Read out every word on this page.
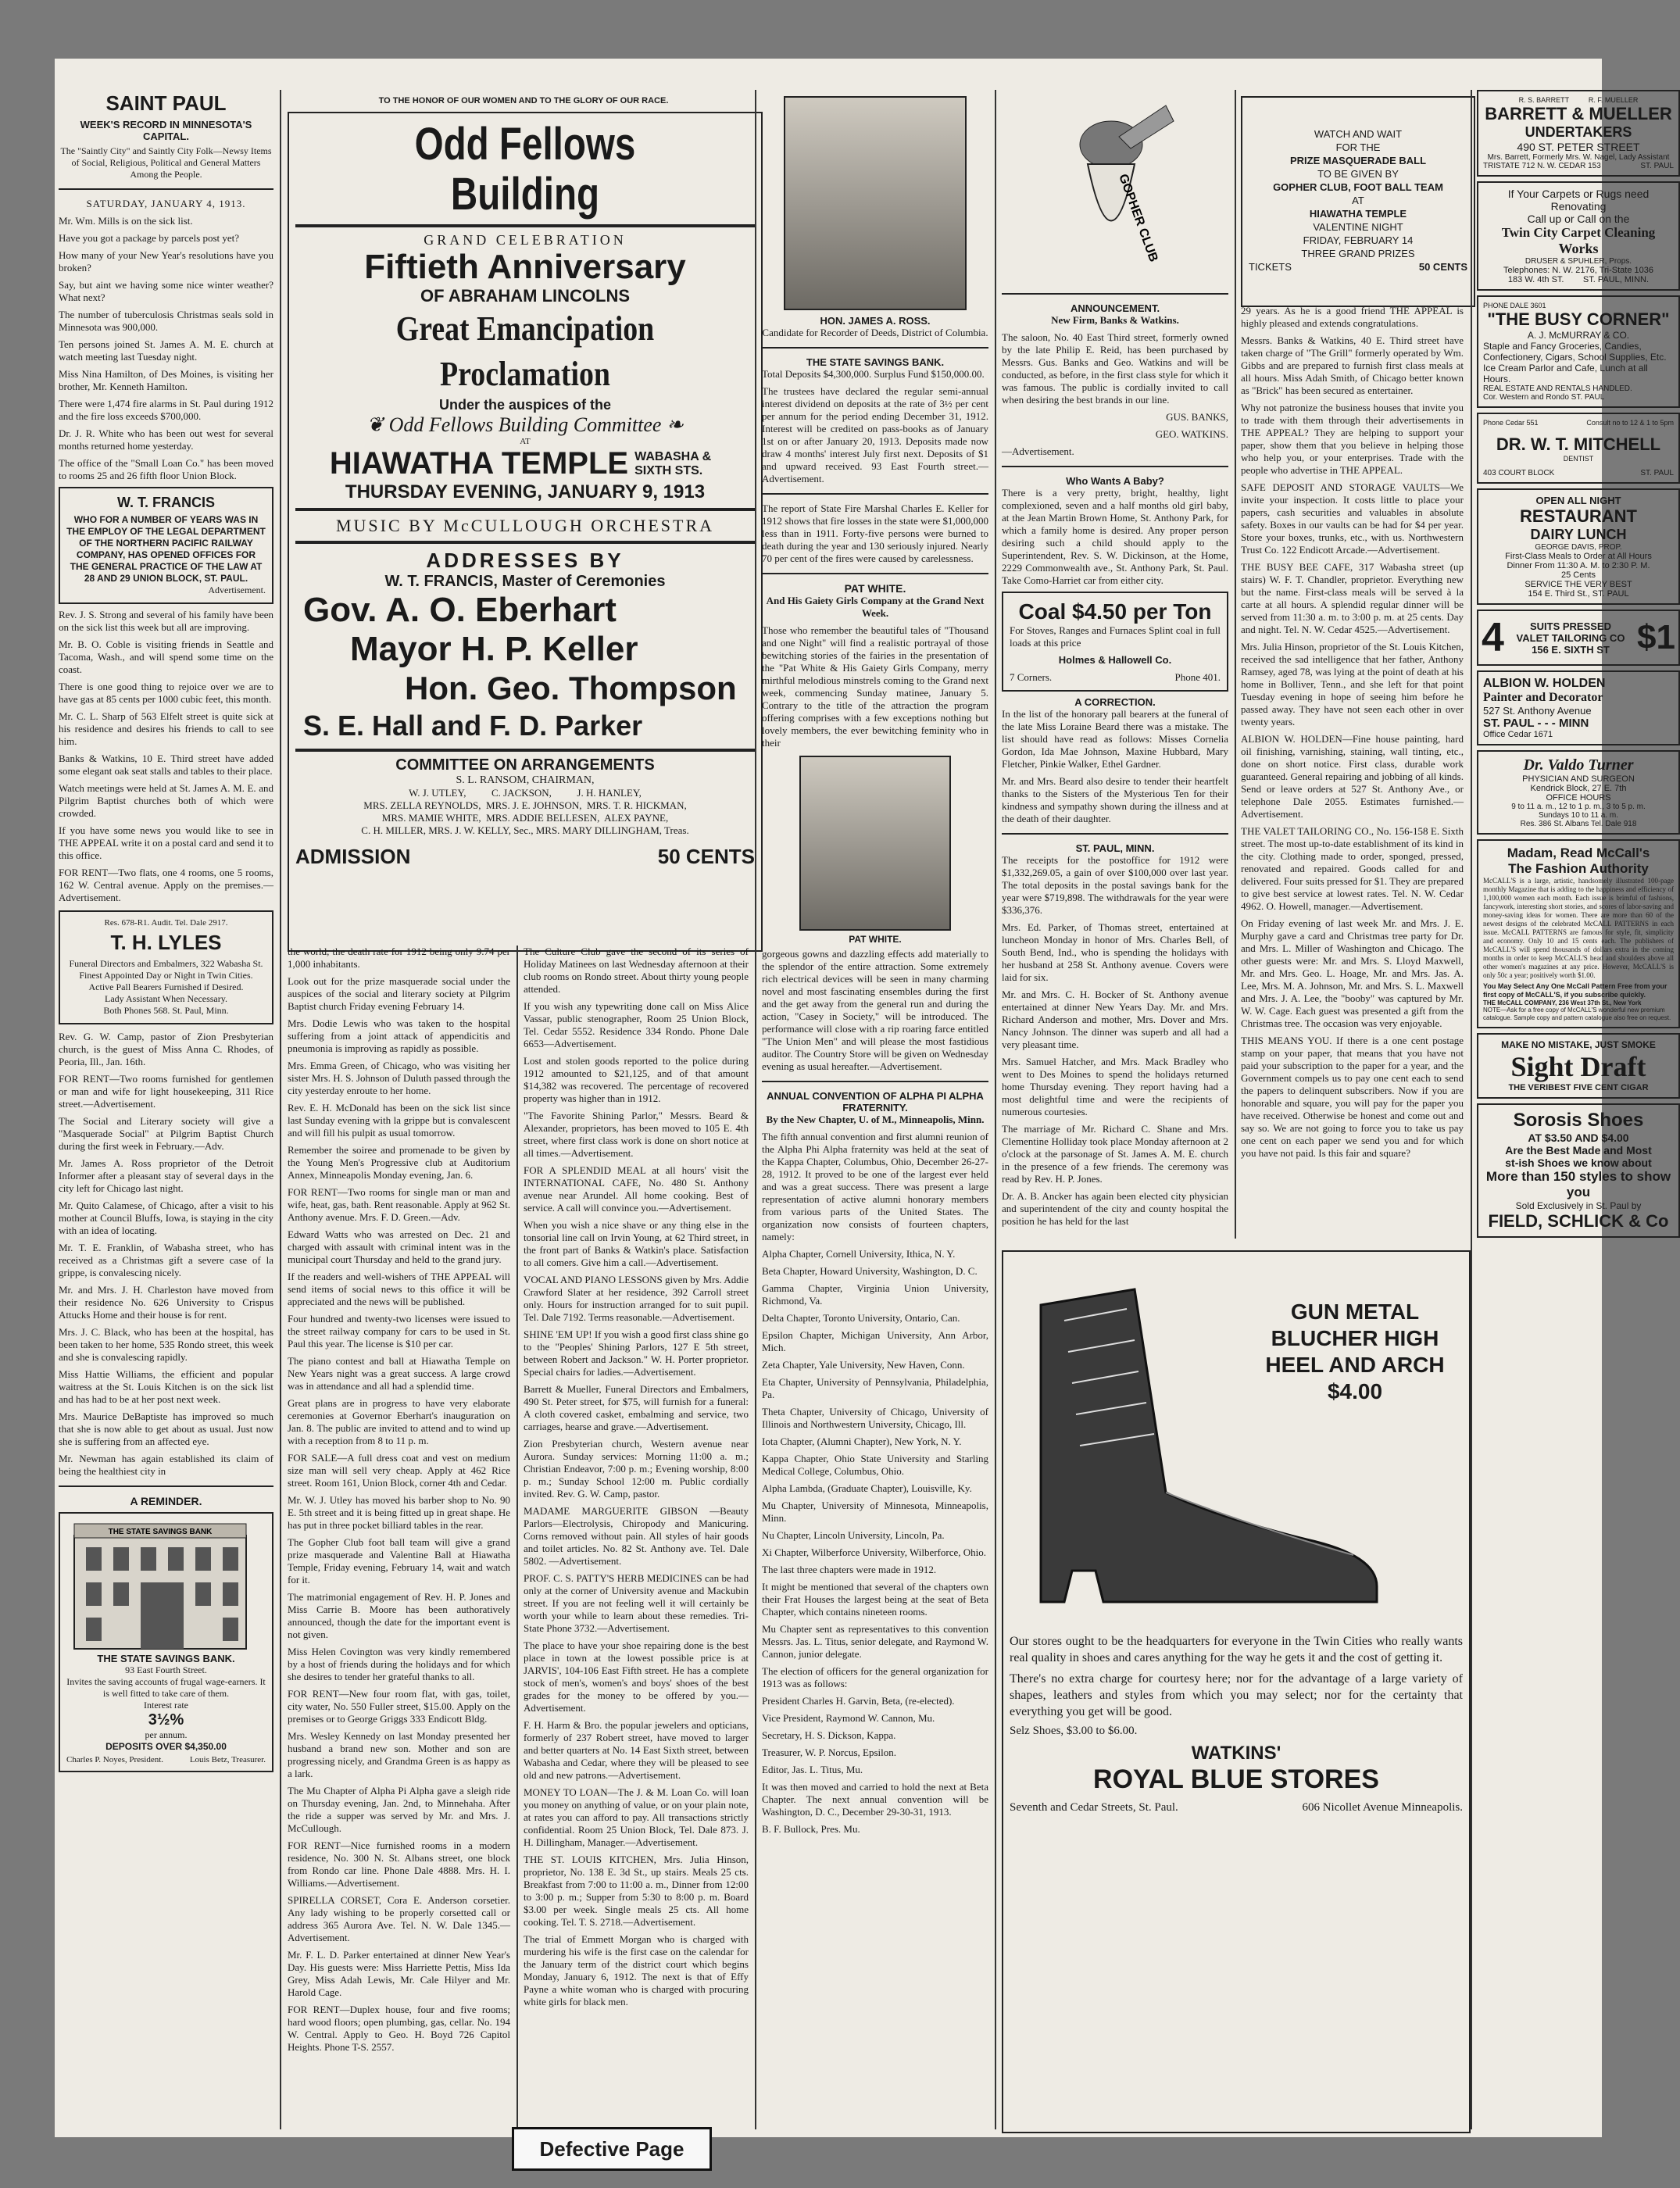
SAINT PAUL
WEEK'S RECORD IN MINNESOTA'S CAPITAL.

The "Saintly City" and Saintly City Folk—Newsy Items of Social, Religious, Political and General Matters Among the People.

SATURDAY, JANUARY 4, 1913.

Mr. Wm. Mills is on the sick list.

Have you got a package by parcels post yet?

How many of your New Year's resolutions have you broken?

Say, but aint we having some nice winter weather? What next?

The number of tuberculosis Christmas seals sold in Minnesota was 900,000.

Ten persons joined St. James A. M. E. church at watch meeting last Tuesday night.

Miss Nina Hamilton, of Des Moines, is visiting her brother, Mr. Kenneth Hamilton.

There were 1,474 fire alarms in St. Paul during 1912 and the fire loss exceeds $700,000.

Dr. J. R. White who has been out west for several months returned home yesterday.

The office of the "Small Loan Co." has been moved to rooms 25 and 26 fifth floor Union Block.

W. T. FRANCIS
WHO FOR A NUMBER OF YEARS WAS IN THE EMPLOY OF THE LEGAL DEPARTMENT OF THE NORTHERN PACIFIC RAILWAY COMPANY, HAS OPENED OFFICES FOR THE GENERAL PRACTICE OF THE LAW AT 28 AND 29 UNION BLOCK, ST. PAUL.
Advertisement.

Rev. J. S. Strong and several of his family have been on the sick list this week but all are improving.

Mr. B. O. Coble is visiting friends in Seattle and Tacoma, Wash., and will spend some time on the coast.

There is one good thing to rejoice over we are to have gas at 85 cents per 1000 cubic feet, this month.

Mr. C. L. Sharp of 563 Elfelt street is quite sick at his residence and desires his friends to call to see him.

Banks & Watkins, 10 E. Third street have added some elegant oak seat stalls and tables to their place.

Watch meetings were held at St. James A. M. E. and Pilgrim Baptist churches both of which were crowded.

If you have some news you would like to see in THE APPEAL write it on a postal card and send it to this office.

FOR RENT—Two flats, one 4 rooms, one 5 rooms, 162 W. Central avenue. Apply on the premises.—Advertisement.

Res. 678-R1. Audit. Tel. Dale 2917.
T. H. LYLES
Funeral Directors and Embalmers, 322 Wabasha St.
Finest Appointed Day or Night in Twin Cities.
Active Pall Bearers Furnished if Desired.
Lady Assistant When Necessary.
Both Phones 568. St. Paul, Minn.

Rev. G. W. Camp, pastor of Zion Presbyterian church, is the guest of Miss Anna C. Rhodes, of Peoria, Ill., Jan. 16th.

FOR RENT—Two rooms furnished for gentlemen or man and wife for light housekeeping, 311 Rice street.—Advertisement.

The Social and Literary society will give a "Masquerade Social" at Pilgrim Baptist Church during the first week in February.—Adv.

Mr. James A. Ross proprietor of the Detroit Informer after a pleasant stay of several days in the city left for Chicago last night.

Mr. Quito Calamese, of Chicago, after a visit to his mother at Council Bluffs, Iowa, is staying in the city with an idea of locating.

Mr. T. E. Franklin, of Wabasha street, who has received as a Christmas gift a severe case of la grippe, is convalescing nicely.

Mr. and Mrs. J. H. Charleston have moved from their residence No. 626 University to Crispus Attucks Home and their house is for rent.

Mrs. J. C. Black, who has been at the hospital, has been taken to her home, 535 Rondo street, this week and she is convalescing rapidly.

Miss Hattie Williams, the efficient and popular waitress at the St. Louis Kitchen is on the sick list and has had to be at her post next week.

Mrs. Maurice DeBaptiste has improved so much that she is now able to get about as usual. Just now she is suffering from an affected eye.

Mr. Newman has again established its claim of being the healthiest city in

A REMINDER.
THE STATE SAVINGS BANK
THE STATE SAVINGS BANK.
93 East Fourth Street.
Invites the saving accounts of frugal wage-earners. It is well fitted to take care of them.
Interest rate
3½%
per annum.
DEPOSITS OVER $4,350.00
Charles P. Noyes, President.	Louis Betz, Treasurer.
TO THE HONOR OF OUR WOMEN AND TO THE GLORY OF OUR RACE.
Odd Fellows Building
GRAND CELEBRATION
Fiftieth Anniversary
OF ABRAHAM LINCOLNS
Great Emancipation Proclamation
Under the auspices of the
❦ Odd Fellows Building Committee ❧
AT
HIAWATHA TEMPLE WABASHA & SIXTH STS.
THURSDAY EVENING, JANUARY 9, 1913
MUSIC BY McCULLOUGH ORCHESTRA
ADDRESSES BY
W. T. FRANCIS, Master of Ceremonies
Gov. A. O. Eberhart
Mayor H. P. Keller
Hon. Geo. Thompson
S. E. Hall and F. D. Parker
COMMITTEE ON ARRANGEMENTS
S. L. RANSOM, CHAIRMAN,
W. J. UTLEY,          C. JACKSON,          J. H. HANLEY,
MRS. ZELLA REYNOLDS,  MRS. J. E. JOHNSON,  MRS. T. R. HICKMAN,
MRS. MAMIE WHITE,  MRS. ADDIE BELLESEN,  ALEX PAYNE,
C. H. MILLER, MRS. J. W. KELLY, Sec., MRS. MARY DILLINGHAM, Treas.
ADMISSION	50 CENTS

the world, the death rate for 1912 being only 9.74 per 1,000 inhabitants.

Look out for the prize masquerade social under the auspices of the social and literary society at Pilgrim Baptist church Friday evening February 14.

Mrs. Dodie Lewis who was taken to the hospital suffering from a joint attack of appendicitis and pneumonia is improving as rapidly as possible.

Mrs. Emma Green, of Chicago, who was visiting her sister Mrs. H. S. Johnson of Duluth passed through the city yesterday enroute to her home.

Rev. E. H. McDonald has been on the sick list since last Sunday evening with la grippe but is convalescent and will fill his pulpit as usual tomorrow.

Remember the soiree and promenade to be given by the Young Men's Progressive club at Auditorium Annex, Minneapolis Monday evening, Jan. 6.

FOR RENT—Two rooms for single man or man and wife, heat, gas, bath. Rent reasonable. Apply at 962 St. Anthony avenue. Mrs. F. D. Green.—Adv.

Edward Watts who was arrested on Dec. 21 and charged with assault with criminal intent was in the municipal court Thursday and held to the grand jury.

If the readers and well-wishers of THE APPEAL will send items of social news to this office it will be appreciated and the news will be published.

Four hundred and twenty-two licenses were issued to the street railway company for cars to be used in St. Paul this year. The license is $10 per car.

The piano contest and ball at Hiawatha Temple on New Years night was a great success. A large crowd was in attendance and all had a splendid time.

Great plans are in progress to have very elaborate ceremonies at Governor Eberhart's inauguration on Jan. 8. The public are invited to attend and to wind up with a reception from 8 to 11 p. m.

FOR SALE—A full dress coat and vest on medium size man will sell very cheap. Apply at 462 Rice street. Room 161, Union Block, corner 4th and Cedar.

Mr. W. J. Utley has moved his barber shop to No. 90 E. 5th street and it is being fitted up in great shape. He has put in three pocket billiard tables in the rear.

The Gopher Club foot ball team will give a grand prize masquerade and Valentine Ball at Hiawatha Temple, Friday evening, February 14, wait and watch for it.

The matrimonial engagement of Rev. H. P. Jones and Miss Carrie B. Moore has been authoratively announced, though the date for the important event is not given.

Miss Helen Covington was very kindly remembered by a host of friends during the holidays and for which she desires to tender her grateful thanks to all.

FOR RENT—New four room flat, with gas, toilet, city water, No. 550 Fuller street, $15.00. Apply on the premises or to George Griggs 333 Endicott Bldg.

Mrs. Wesley Kennedy on last Monday presented her husband a brand new son. Mother and son are progressing nicely, and Grandma Green is as happy as a lark.

The Mu Chapter of Alpha Pi Alpha gave a sleigh ride on Thursday evening, Jan. 2nd, to Minnehaha. After the ride a supper was served by Mr. and Mrs. J. McCullough.

FOR RENT—Nice furnished rooms in a modern residence, No. 300 N. St. Albans street, one block from Rondo car line. Phone Dale 4888. Mrs. H. I. Williams.—Advertisement.

SPIRELLA CORSET, Cora E. Anderson corsetier. Any lady wishing to be properly corsetted call or address 365 Aurora Ave. Tel. N. W. Dale 1345.—Advertisement.

Mr. F. L. D. Parker entertained at dinner New Year's Day. His guests were: Miss Harriette Pettis, Miss Ida Grey, Miss Adah Lewis, Mr. Cale Hilyer and Mr. Harold Cage.

FOR RENT—Duplex house, four and five rooms; hard wood floors; open plumbing, gas, cellar. No. 194 W. Central. Apply to Geo. H. Boyd 726 Capitol Heights. Phone T-S. 2557.

The Culture Club gave the second of its series of Holiday Matinees on last Wednesday afternoon at their club rooms on Rondo street. About thirty young people attended.

If you wish any typewriting done call on Miss Alice Vassar, public stenographer, Room 25 Union Block, Tel. Cedar 5552. Residence 334 Rondo. Phone Dale 6653—Advertisement.

Lost and stolen goods reported to the police during 1912 amounted to $21,125, and of that amount $14,382 was recovered. The percentage of recovered property was higher than in 1912.

"The Favorite Shining Parlor," Messrs. Beard & Alexander, proprietors, has been moved to 105 E. 4th street, where first class work is done on short notice at all times.—Advertisement.

FOR A SPLENDID MEAL at all hours' visit the INTERNATIONAL CAFE, No. 480 St. Anthony avenue near Arundel. All home cooking. Best of service. A call will convince you.—Advertisement.

When you wish a nice shave or any thing else in the tonsorial line call on Irvin Young, at 62 Third street, in the front part of Banks & Watkin's place. Satisfaction to all comers. Give him a call.—Advertisement.

VOCAL AND PIANO LESSONS given by Mrs. Addie Crawford Slater at her residence, 392 Carroll street only. Hours for instruction arranged for to suit pupil. Tel. Dale 7192. Terms reasonable.—Advertisement.

SHINE 'EM UP! If you wish a good first class shine go to the "Peoples' Shining Parlors, 127 E 5th street, between Robert and Jackson." W. H. Porter proprietor. Special chairs for ladies.—Advertisement.

Barrett & Mueller, Funeral Directors and Embalmers, 490 St. Peter street, for $75, will furnish for a funeral: A cloth covered casket, embalming and service, two carriages, hearse and grave.—Advertisement.

Zion Presbyterian church, Western avenue near Aurora. Sunday services: Morning 11:00 a. m.; Christian Endeavor, 7:00 p. m.; Evening worship, 8:00 p. m.; Sunday School 12:00 m. Public cordially invited. Rev. G. W. Camp, pastor.

MADAME MARGUERITE GIBSON —Beauty Parlors—Electrolysis, Chiropody and Manicuring. Corns removed without pain. All styles of hair goods and toilet articles. No. 82 St. Anthony ave. Tel. Dale 5802. —Advertisement.

PROF. C. S. PATTY'S HERB MEDICINES can be had only at the corner of University avenue and Mackubin street. If you are not feeling well it will certainly be worth your while to learn about these remedies. Tri-State Phone 3732.—Advertisement.

The place to have your shoe repairing done is the best place in town at the lowest possible price is at JARVIS', 104-106 East Fifth street. He has a complete stock of men's, women's and boys' shoes of the best grades for the money to be offered by you.—Advertisement.

F. H. Harm & Bro. the popular jewelers and opticians, formerly of 237 Robert street, have moved to larger and better quarters at No. 14 East Sixth street, between Wabasha and Cedar, where they will be pleased to see old and new patrons.—Advertisement.

MONEY TO LOAN—The J. & M. Loan Co. will loan you money on anything of value, or on your plain note, at rates you can afford to pay. All transactions strictly confidential. Room 25 Union Block, Tel. Dale 873. J. H. Dillingham, Manager.—Advertisement.

THE ST. LOUIS KITCHEN, Mrs. Julia Hinson, proprietor, No. 138 E. 3d St., up stairs. Meals 25 cts. Breakfast from 7:00 to 11:00 a. m., Dinner from 12:00 to 3:00 p. m.; Supper from 5:30 to 8:00 p. m. Board $3.00 per week. Single meals 25 cts. All home cooking. Tel. T. S. 2718.—Advertisement.

The trial of Emmett Morgan who is charged with murdering his wife is the first case on the calendar for the January term of the district court which begins Monday, January 6, 1912. The next is that of Effy Payne a white woman who is charged with procuring white girls for black men.

HON. JAMES A. ROSS.

Candidate for Recorder of Deeds, District of Columbia.

THE STATE SAVINGS BANK.

Total Deposits $4,300,000. Surplus Fund $150,000.00.

The trustees have declared the regular semi-annual interest dividend on deposits at the rate of 3½ per cent per annum for the period ending December 31, 1912. Interest will be credited on pass-books as of January 1st on or after January 20, 1913. Deposits made now draw 4 months' interest July first next. Deposits of $1 and upward received. 93 East Fourth street.—Advertisement.

The report of State Fire Marshal Charles E. Keller for 1912 shows that fire losses in the state were $1,000,000 less than in 1911. Forty-five persons were burned to death during the year and 130 seriously injured. Nearly 70 per cent of the fires were caused by carelessness.

PAT WHITE.

And His Gaiety Girls Company at the Grand Next Week.

Those who remember the beautiful tales of "Thousand and one Night" will find a realistic portrayal of those bewitching stories of the fairies in the presentation of the "Pat White & His Gaiety Girls Company, merry mirthful melodious minstrels coming to the Grand next week, commencing Sunday matinee, January 5. Contrary to the title of the attraction the program offering comprises with a few exceptions nothing but lovely members, the ever bewitching feminity who in their

PAT WHITE.

gorgeous gowns and dazzling effects add materially to the splendor of the entire attraction. Some extremely rich electrical devices will be seen in many charming novel and most fascinating ensembles during the first and the get away from the general run and during the action, "Casey in Society," will be introduced. The performance will close with a rip roaring farce entitled "The Union Men" and will please the most fastidious auditor. The Country Store will be given on Wednesday evening as usual hereafter.—Advertisement.

ANNUAL CONVENTION OF ALPHA PI ALPHA FRATERNITY.

By the New Chapter, U. of M., Minneapolis, Minn.

The fifth annual convention and first alumni reunion of the Alpha Phi Alpha fraternity was held at the seat of the Kappa Chapter, Columbus, Ohio, December 26-27-28, 1912. It proved to be one of the largest ever held and was a great success. There was present a large representation of active alumni honorary members from various parts of the United States. The organization now consists of fourteen chapters, namely:

Alpha Chapter, Cornell University, Ithica, N. Y.

Beta Chapter, Howard University, Washington, D. C.

Gamma Chapter, Virginia Union University, Richmond, Va.

Delta Chapter, Toronto University, Ontario, Can.

Epsilon Chapter, Michigan University, Ann Arbor, Mich.

Zeta Chapter, Yale University, New Haven, Conn.

Eta Chapter, University of Pennsylvania, Philadelphia, Pa.

Theta Chapter, University of Chicago, University of Illinois and Northwestern University, Chicago, Ill.

Iota Chapter, (Alumni Chapter), New York, N. Y.

Kappa Chapter, Ohio State University and Starling Medical College, Columbus, Ohio.

Alpha Lambda, (Graduate Chapter), Louisville, Ky.

Mu Chapter, University of Minnesota, Minneapolis, Minn.

Nu Chapter, Lincoln University, Lincoln, Pa.

Xi Chapter, Wilberforce University, Wilberforce, Ohio.

The last three chapters were made in 1912.

It might be mentioned that several of the chapters own their Frat Houses the largest being at the seat of Beta Chapter, which contains nineteen rooms.

Mu Chapter sent as representatives to this convention Messrs. Jas. L. Titus, senior delegate, and Raymond W. Cannon, junior delegate.

The election of officers for the general organization for 1913 was as follows:

President Charles H. Garvin, Beta, (re-elected).

Vice President, Raymond W. Cannon, Mu.

Secretary, H. S. Dickson, Kappa.

Treasurer, W. P. Norcus, Epsilon.

Editor, Jas. L. Titus, Mu.

It was then moved and carried to hold the next at Beta Chapter. The next annual convention will be Washington, D. C., December 29-30-31, 1913.

B. F. Bullock, Pres. Mu.

GOPHER CLUB
ANNOUNCEMENT.

New Firm, Banks & Watkins.

The saloon, No. 40 East Third street, formerly owned by the late Philip E. Reid, has been purchased by Messrs. Gus. Banks and Geo. Watkins and will be conducted, as before, in the first class style for which it was famous. The public is cordially invited to call when desiring the best brands in our line.

GUS. BANKS,

GEO. WATKINS.

—Advertisement.

Who Wants A Baby?

There is a very pretty, bright, healthy, light complexioned, seven and a half months old girl baby, at the Jean Martin Brown Home, St. Anthony Park, for which a family home is desired. Any proper person desiring such a child should apply to the Superintendent, Rev. S. W. Dickinson, at the Home, 2229 Commonwealth ave., St. Anthony Park, St. Paul. Take Como-Harriet car from either city.

Coal $4.50 per Ton

For Stoves, Ranges and Furnaces Splint coal in full loads at this price

Holmes & Hallowell Co.

7 Corners.	Phone 401.
A CORRECTION.

In the list of the honorary pall bearers at the funeral of the late Miss Loraine Beard there was a mistake. The list should have read as follows: Misses Cornelia Gordon, Ida Mae Johnson, Maxine Hubbard, Mary Fletcher, Pinkie Walker, Ethel Gardner.

Mr. and Mrs. Beard also desire to tender their heartfelt thanks to the Sisters of the Mysterious Ten for their kindness and sympathy shown during the illness and at the death of their daughter.

ST. PAUL, MINN.

The receipts for the postoffice for 1912 were $1,332,269.05, a gain of over $100,000 over last year. The total deposits in the postal savings bank for the year were $719,898. The withdrawals for the year were $336,376.

Mrs. Ed. Parker, of Thomas street, entertained at luncheon Monday in honor of Mrs. Charles Bell, of South Bend, Ind., who is spending the holidays with her husband at 258 St. Anthony avenue. Covers were laid for six.

Mr. and Mrs. C. H. Bocker of St. Anthony avenue entertained at dinner New Years Day. Mr. and Mrs. Richard Anderson and mother, Mrs. Dover and Mrs. Nancy Johnson. The dinner was superb and all had a very pleasant time.

Mrs. Samuel Hatcher, and Mrs. Mack Bradley who went to Des Moines to spend the holidays returned home Thursday evening. They report having had a most delightful time and were the recipients of numerous courtesies.

The marriage of Mr. Richard C. Shane and Mrs. Clementine Holliday took place Monday afternoon at 2 o'clock at the parsonage of St. James A. M. E. church in the presence of a few friends. The ceremony was read by Rev. H. P. Jones.

Dr. A. B. Ancker has again been elected city physician and superintendent of the city and county hospital the position he has held for the last

WATCH AND WAIT
FOR THE
PRIZE MASQUERADE BALL
TO BE GIVEN BY
GOPHER CLUB, FOOT BALL TEAM
AT
HIAWATHA TEMPLE
VALENTINE NIGHT
FRIDAY, FEBRUARY 14
THREE GRAND PRIZES
TICKETS	50 CENTS

29 years. As he is a good friend THE APPEAL is highly pleased and extends congratulations.

Messrs. Banks & Watkins, 40 E. Third street have taken charge of "The Grill" formerly operated by Wm. Gibbs and are prepared to furnish first class meals at all hours. Miss Adah Smith, of Chicago better known as "Brick" has been secured as entertainer.

Why not patronize the business houses that invite you to trade with them through their advertisements in THE APPEAL? They are helping to support your paper, show them that you believe in helping those who help you, or your enterprises. Trade with the people who advertise in THE APPEAL.

SAFE DEPOSIT AND STORAGE VAULTS—We invite your inspection. It costs little to place your papers, cash securities and valuables in absolute safety. Boxes in our vaults can be had for $4 per year. Store your boxes, trunks, etc., with us. Northwestern Trust Co. 122 Endicott Arcade.—Advertisement.

THE BUSY BEE CAFE, 317 Wabasha street (up stairs) W. F. T. Chandler, proprietor. Everything new but the name. First-class meals will be served à la carte at all hours. A splendid regular dinner will be served from 11:30 a. m. to 3:00 p. m. at 25 cents. Day and night. Tel. N. W. Cedar 4525.—Advertisement.

Mrs. Julia Hinson, proprietor of the St. Louis Kitchen, received the sad intelligence that her father, Anthony Ramsey, aged 78, was lying at the point of death at his home in Bolliver, Tenn., and she left for that point Tuesday evening in hope of seeing him before he passed away. They have not seen each other in over twenty years.

ALBION W. HOLDEN—Fine house painting, hard oil finishing, varnishing, staining, wall tinting, etc., done on short notice. First class, durable work guaranteed. General repairing and jobbing of all kinds. Send or leave orders at 527 St. Anthony Ave., or telephone Dale 2055. Estimates furnished.—Advertisement.

THE VALET TAILORING CO., No. 156-158 E. Sixth street. The most up-to-date establishment of its kind in the city. Clothing made to order, sponged, pressed, renovated and repaired. Goods called for and delivered. Four suits pressed for $1. They are prepared to give best service at lowest rates. Tel. N. W. Cedar 4962. O. Howell, manager.—Advertisement.

On Friday evening of last week Mr. and Mrs. J. E. Murphy gave a card and Christmas tree party for Dr. and Mrs. L. Miller of Washington and Chicago. The other guests were: Mr. and Mrs. S. Lloyd Maxwell, Mr. and Mrs. Geo. L. Hoage, Mr. and Mrs. Jas. A. Lee, Mrs. M. A. Johnson, Mr. and Mrs. S. L. Maxwell and Mrs. J. A. Lee, the "booby" was captured by Mr. W. W. Cage. Each guest was presented a gift from the Christmas tree. The occasion was very enjoyable.

THIS MEANS YOU. If there is a one cent postage stamp on your paper, that means that you have not paid your subscription to the paper for a year, and the Government compels us to pay one cent each to send the papers to delinquent subscribers. Now if you are honorable and square, you will pay for the paper you have received. Otherwise be honest and come out and say so. We are not going to force you to take us pay one cent on each paper we send you and for which you have not paid. Is this fair and square?

GUN METAL
BLUCHER HIGH
HEEL AND ARCH
$4.00

Our stores ought to be the headquarters for everyone in the Twin Cities who really wants real quality in shoes and cares anything for the way he gets it and the cost of getting it.

There's no extra charge for courtesy here; nor for the advantage of a large variety of shapes, leathers and styles from which you may select; nor for the certainty that everything you get will be good.

Selz Shoes, $3.00 to $6.00.

WATKINS'
ROYAL BLUE STORES
Seventh and Cedar Streets, St. Paul.	606 Nicollet Avenue Minneapolis.
R. S. BARRETT          R. F. MUELLER
BARRETT & MUELLER
UNDERTAKERS
490 ST. PETER STREET
Mrs. Barrett, Formerly Mrs. W. Nagel, Lady Assistant
TRISTATE 712 N. W. CEDAR 153	ST. PAUL
If Your Carpets or Rugs need
Renovating
Call up or Call on the
Twin City Carpet Cleaning
Works
DRUSER & SPUHLER, Props.
Telephones: N. W. 2176, Tri-State 1036
183 W. 4th ST.        ST. PAUL, MINN.
PHONE DALE 3601
"THE BUSY CORNER"
A. J. McMURRAY & CO.
Staple and Fancy Groceries, Candies, Confectionery, Cigars, School Supplies, Etc.
Ice Cream Parlor and Cafe, Lunch at all Hours.
REAL ESTATE AND RENTALS HANDLED.
Cor. Western and Rondo ST. PAUL
Phone Cedar 551	Consult no to 12 & 1 to 5pm
DR. W. T. MITCHELL
DENTIST
403 COURT BLOCK	ST. PAUL
OPEN ALL NIGHT
RESTAURANT
DAIRY LUNCH
GEORGE DAVIS, PROP.
First-Class Meals to Order at All Hours
Dinner From 11:30 A. M. to 2:30 P. M.
25 Cents
SERVICE THE VERY BEST
154 E. Third St., ST. PAUL
4	SUITS PRESSED
VALET TAILORING CO
156 E. SIXTH ST $1
ALBION W. HOLDEN
Painter and Decorator
527 St. Anthony Avenue
ST. PAUL - - - MINN
Office Cedar 1671
Dr. Valdo Turner
PHYSICIAN AND SURGEON
Kendrick Block, 27 E. 7th
OFFICE HOURS
9 to 11 a. m., 12 to 1 p. m., 3 to 5 p. m.
Sundays 10 to 11 a. m.
Res. 386 St. Albans Tel. Dale 918
Madam, Read McCall's
The Fashion Authority
McCALL'S is a large, artistic, handsomely illustrated 100-page monthly Magazine that is adding to the happiness and efficiency of 1,100,000 women each month. Each issue is brimful of fashions, fancywork, interesting short stories, and scores of labor-saving and money-saving ideas for women. There are more than 60 of the newest designs of the celebrated McCALL PATTERNS in each issue. McCALL PATTERNS are famous for style, fit, simplicity and economy. Only 10 and 15 cents each. The publishers of McCALL'S will spend thousands of dollars extra in the coming months in order to keep McCALL'S head and shoulders above all other women's magazines at any price. However, McCALL'S is only 50c a year; positively worth $1.00.
You May Select Any One McCall Pattern Free from your first copy of McCALL'S, if you subscribe quickly.
THE McCALL COMPANY, 236 West 37th St., New York
NOTE—Ask for a free copy of McCALL'S wonderful new premium catalogue. Sample copy and pattern catalogue also free on request.
MAKE NO MISTAKE, JUST SMOKE
Sight Draft
THE VERIBEST FIVE CENT CIGAR
Sorosis Shoes
AT $3.50 AND $4.00
Are the Best Made and Most
st-ish Shoes we know about
More than 150 styles to show you
Sold Exclusively in St. Paul by
FIELD, SCHLICK & Co
Defective Page
